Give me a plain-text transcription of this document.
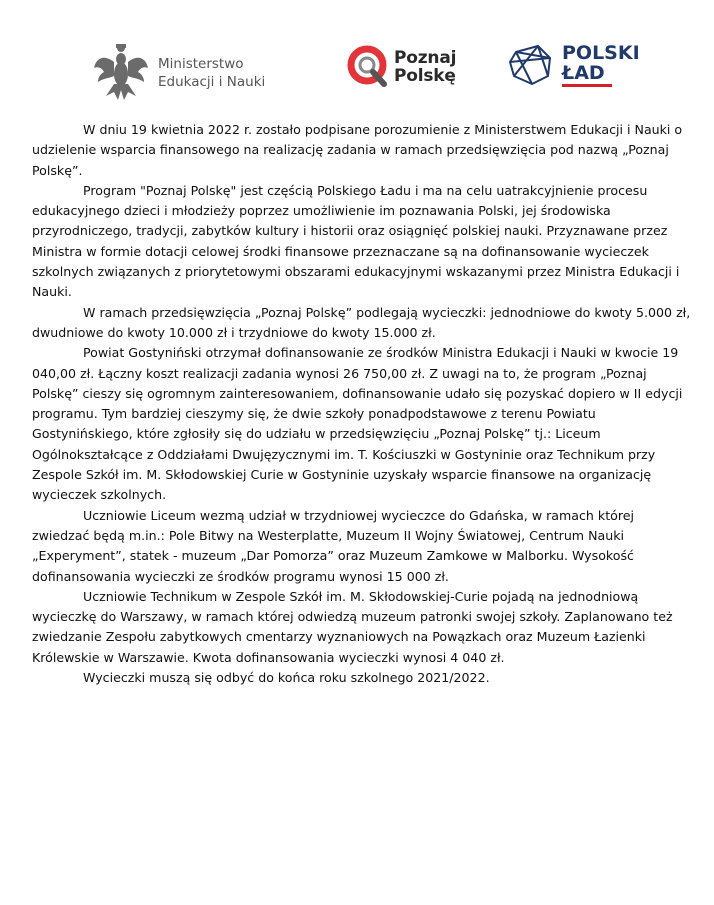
Ministerstwo
Edukacji i Nauki
Poznaj
Polskę
POLSKI
ŁAD

W dniu 19 kwietnia 2022 r. zostało podpisane porozumienie z Ministerstwem Edukacji i Nauki o udzielenie wsparcia finansowego na realizację zadania w ramach przedsięwzięcia pod nazwą „Poznaj Polskę”.

Program "Poznaj Polskę" jest częścią Polskiego Ładu i ma na celu uatrakcyjnienie procesu edukacyjnego dzieci i młodzieży poprzez umożliwienie im poznawania Polski, jej środowiska przyrodniczego, tradycji, zabytków kultury i historii oraz osiągnięć polskiej nauki. Przyznawane przez Ministra w formie dotacji celowej środki finansowe przeznaczane są na dofinansowanie wycieczek szkolnych związanych z priorytetowymi obszarami edukacyjnymi wskazanymi przez Ministra Edukacji i Nauki.

W ramach przedsięwzięcia „Poznaj Polskę” podlegają wycieczki: jednodniowe do kwoty 5.000 zł, dwudniowe do kwoty 10.000 zł i trzydniowe do kwoty 15.000 zł.

Powiat Gostyniński otrzymał dofinansowanie ze środków Ministra Edukacji i Nauki w kwocie 19 040,00 zł. Łączny koszt realizacji zadania wynosi 26 750,00 zł. Z uwagi na to, że program „Poznaj Polskę” cieszy się ogromnym zainteresowaniem, dofinansowanie udało się pozyskać dopiero w II edycji programu. Tym bardziej cieszymy się, że dwie szkoły ponadpodstawowe z terenu Powiatu Gostynińskiego, które zgłosiły się do udziału w przedsięwzięciu „Poznaj Polskę” tj.: Liceum Ogólnokształcące z Oddziałami Dwujęzycznymi im. T. Kościuszki w Gostyninie oraz Technikum przy Zespole Szkół im. M. Skłodowskiej Curie w Gostyninie uzyskały wsparcie finansowe na organizację wycieczek szkolnych.

Uczniowie Liceum wezmą udział w trzydniowej wycieczce do Gdańska, w ramach której zwiedzać będą m.in.: Pole Bitwy na Westerplatte, Muzeum II Wojny Światowej, Centrum Nauki „Experyment”, statek - muzeum „Dar Pomorza” oraz Muzeum Zamkowe w Malborku. Wysokość dofinansowania wycieczki ze środków programu wynosi 15 000 zł.

Uczniowie Technikum w Zespole Szkół im. M. Skłodowskiej-Curie pojadą na jednodniową wycieczkę do Warszawy, w ramach której odwiedzą muzeum patronki swojej szkoły. Zaplanowano też zwiedzanie Zespołu zabytkowych cmentarzy wyznaniowych na Powązkach oraz Muzeum Łazienki Królewskie w Warszawie. Kwota dofinansowania wycieczki wynosi 4 040 zł.

Wycieczki muszą się odbyć do końca roku szkolnego 2021/2022.
